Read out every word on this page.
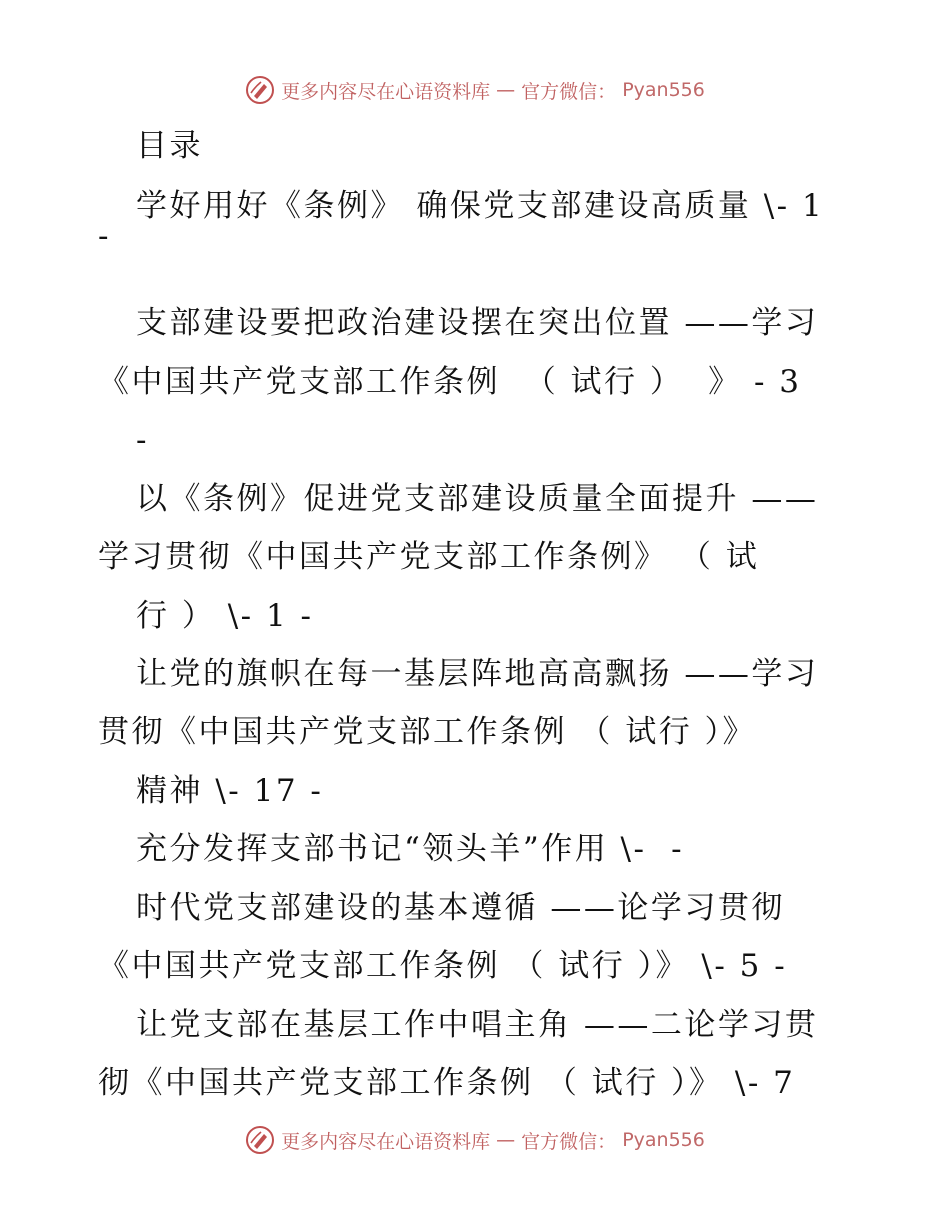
更多内容尽在心语资料库 — 官方微信： Pyan556
目录
学好用好《条例》 确保党支部建设高质量 \- 1
-
支部建设要把政治建设摆在突出位置 ——学习
《中国共产党支部工作条例  （ 试行 ）  》 - 3
-
以《条例》促进党支部建设质量全面提升 ——
学习贯彻《中国共产党支部工作条例》 （ 试
行 ） \- 1 -
让党的旗帜在每一基层阵地高高飘扬 ——学习
贯彻《中国共产党支部工作条例 （ 试行 ）》
精神 \- 17 -
充分发挥支部书记“领头羊”作用 \-  -
时代党支部建设的基本遵循 ——论学习贯彻
《中国共产党支部工作条例 （ 试行 ）》 \- 5 -
让党支部在基层工作中唱主角 ——二论学习贯
彻《中国共产党支部工作条例 （ 试行 ）》 \- 7
更多内容尽在心语资料库 — 官方微信： Pyan556
